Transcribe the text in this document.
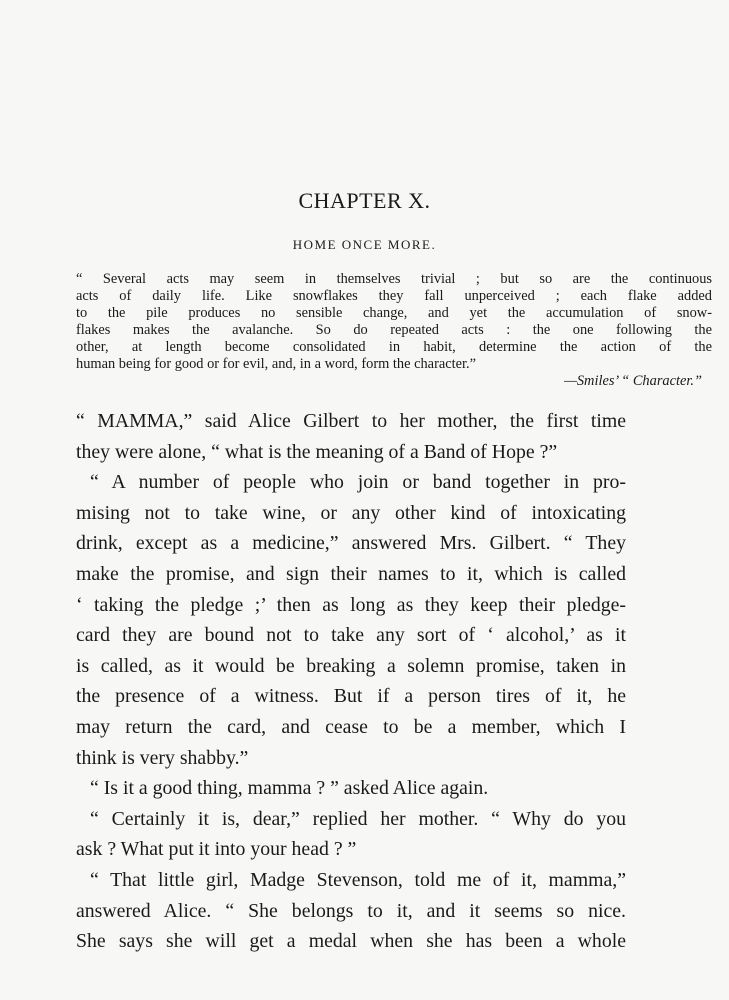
CHAPTER X.
HOME ONCE MORE.
“ Several acts may seem in themselves trivial ; but so are the continuous
acts of daily life. Like snowflakes they fall unperceived ; each flake added
to the pile produces no sensible change, and yet the accumulation of snow-
flakes makes the avalanche. So do repeated acts : the one following the
other, at length become consolidated in habit, determine the action of the
human being for good or for evil, and, in a word, form the character.”
—Smiles’ “ Character.”
“ MAMMA,” said Alice Gilbert to her mother, the first time
they were alone, “ what is the meaning of a Band of Hope ?”
“ A number of people who join or band together in pro-
mising not to take wine, or any other kind of intoxicating
drink, except as a medicine,” answered Mrs. Gilbert. “ They
make the promise, and sign their names to it, which is called
‘ taking the pledge ;’ then as long as they keep their pledge-
card they are bound not to take any sort of ‘ alcohol,’ as it
is called, as it would be breaking a solemn promise, taken in
the presence of a witness. But if a person tires of it, he
may return the card, and cease to be a member, which I
think is very shabby.”
“ Is it a good thing, mamma ? ” asked Alice again.
“ Certainly it is, dear,” replied her mother. “ Why do you
ask ? What put it into your head ? ”
“ That little girl, Madge Stevenson, told me of it, mamma,”
answered Alice. “ She belongs to it, and it seems so nice.
She says she will get a medal when she has been a whole
